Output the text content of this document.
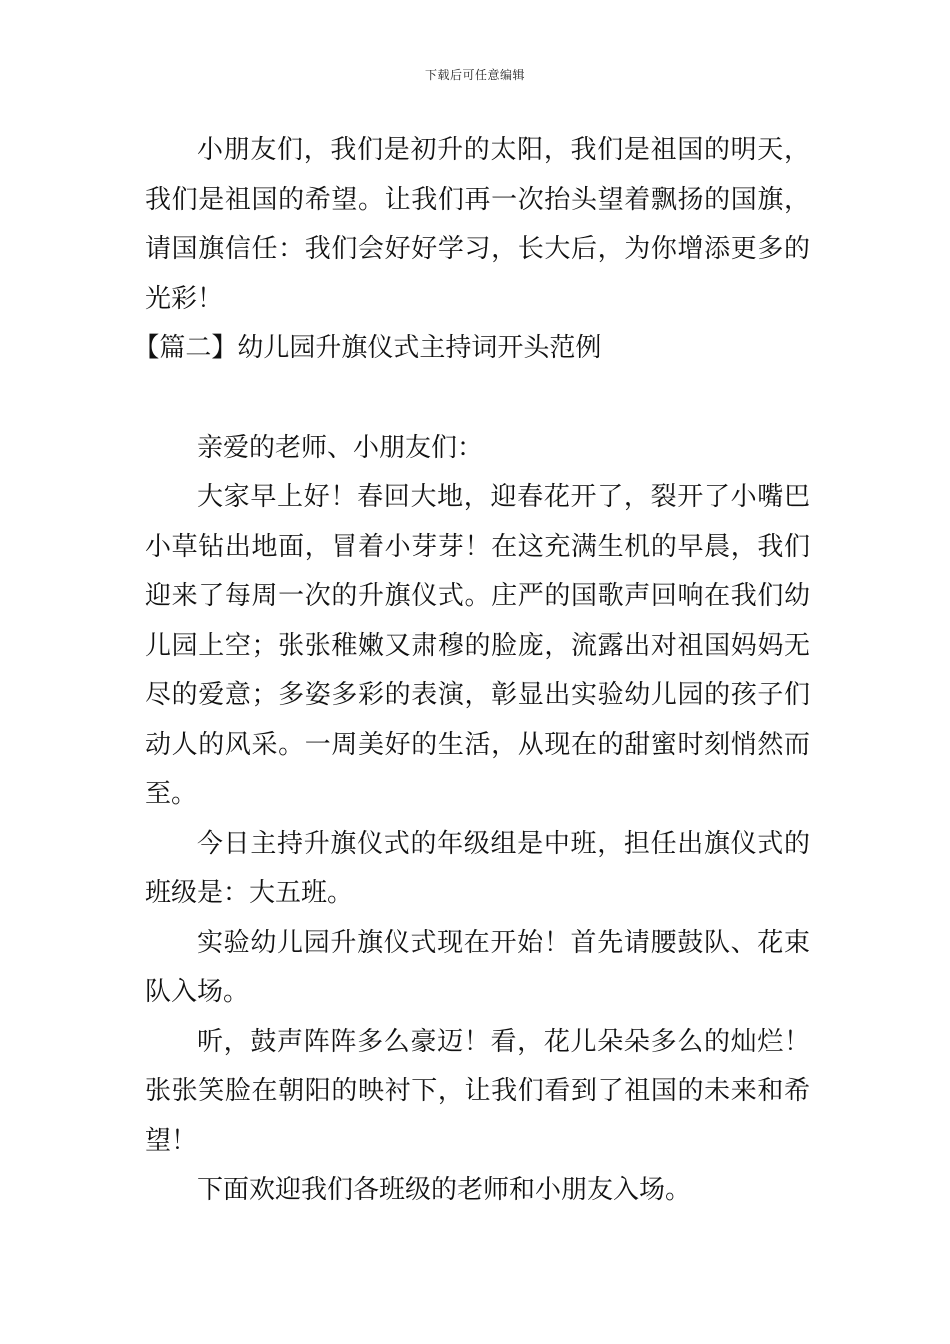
下载后可任意编辑

小朋友们，我们是初升的太阳，我们是祖国的明天，我们是祖国的希望。让我们再一次抬头望着飘扬的国旗，请国旗信任：我们会好好学习，长大后，为你增添更多的光彩！

【篇二】幼儿园升旗仪式主持词开头范例

亲爱的老师、小朋友们：

大家早上好！春回大地，迎春花开了，裂开了小嘴巴小草钻出地面，冒着小芽芽！在这充满生机的早晨，我们迎来了每周一次的升旗仪式。庄严的国歌声回响在我们幼儿园上空；张张稚嫩又肃穆的脸庞，流露出对祖国妈妈无尽的爱意；多姿多彩的表演，彰显出实验幼儿园的孩子们动人的风采。一周美好的生活，从现在的甜蜜时刻悄然而至。

今日主持升旗仪式的年级组是中班，担任出旗仪式的班级是：大五班。

实验幼儿园升旗仪式现在开始！首先请腰鼓队、花束队入场。

听，鼓声阵阵多么豪迈！看，花儿朵朵多么的灿烂！张张笑脸在朝阳的映衬下，让我们看到了祖国的未来和希望！

下面欢迎我们各班级的老师和小朋友入场。
